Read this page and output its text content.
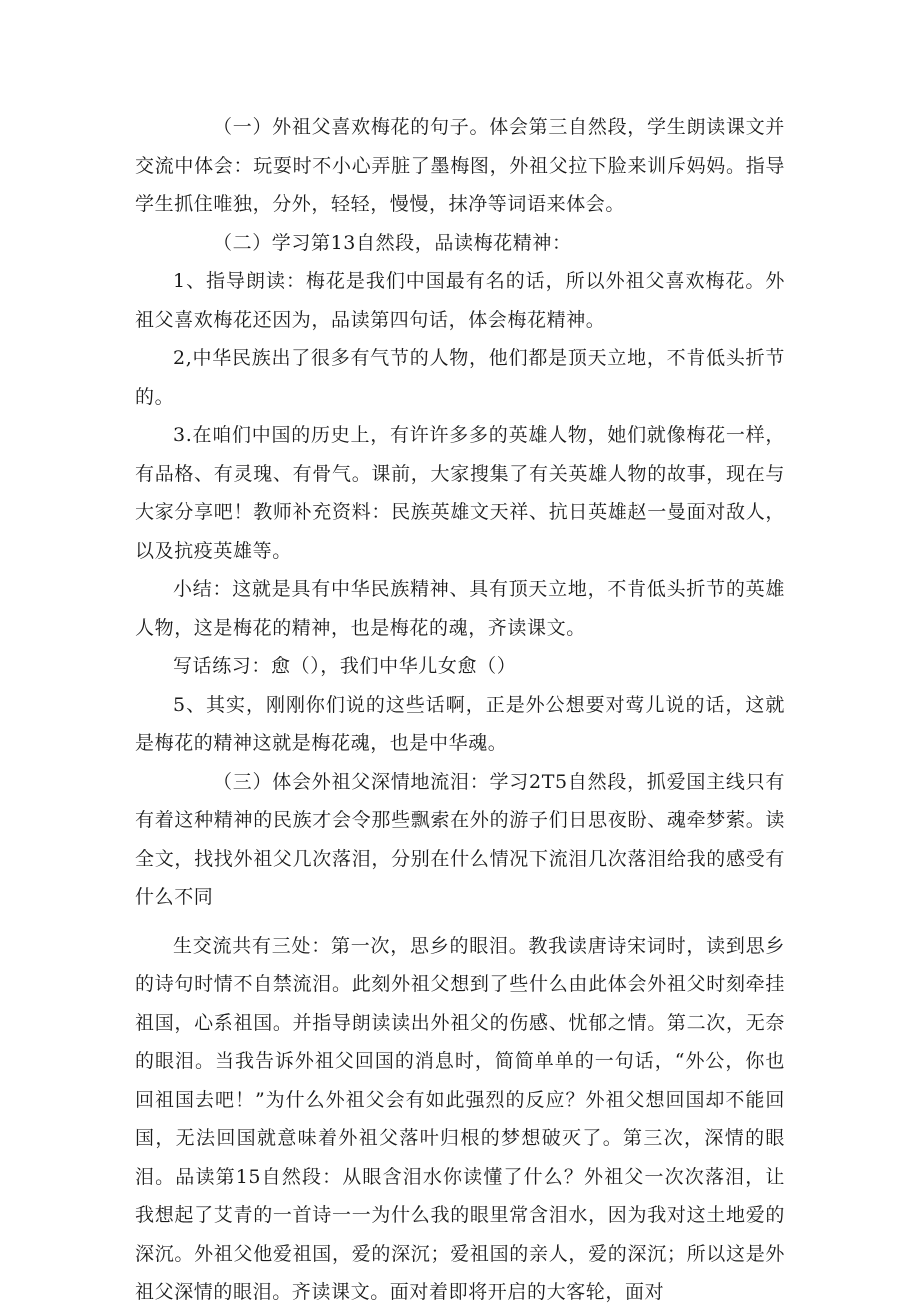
（一）外祖父喜欢梅花的句子。体会第三自然段，学生朗读课文并交流中体会：玩耍时不小心弄脏了墨梅图，外祖父拉下脸来训斥妈妈。指导学生抓住唯独，分外，轻轻，慢慢，抹净等词语来体会。

（二）学习第13自然段，品读梅花精神：

1、指导朗读：梅花是我们中国最有名的话，所以外祖父喜欢梅花。外祖父喜欢梅花还因为，品读第四句话，体会梅花精神。

2,中华民族出了很多有气节的人物，他们都是顶天立地，不肯低头折节的。

3.在咱们中国的历史上，有许许多多的英雄人物，她们就像梅花一样，有品格、有灵瑰、有骨气。课前，大家搜集了有关英雄人物的故事，现在与大家分享吧！教师补充资料：民族英雄文天祥、抗日英雄赵一曼面对敌人，以及抗疫英雄等。

小结：这就是具有中华民族精神、具有顶天立地，不肯低头折节的英雄人物，这是梅花的精神，也是梅花的魂，齐读课文。

写话练习：愈（），我们中华儿女愈（）

5、其实，刚刚你们说的这些话啊，正是外公想要对莺儿说的话，这就是梅花的精神这就是梅花魂，也是中华魂。

（三）体会外祖父深情地流泪：学习2T5自然段，抓爱国主线只有有着这种精神的民族才会令那些飘索在外的游子们日思夜盼、魂牵梦萦。读全文，找找外祖父几次落泪，分别在什么情况下流泪几次落泪给我的感受有什么不同

生交流共有三处：第一次，思乡的眼泪。教我读唐诗宋词时，读到思乡的诗句时情不自禁流泪。此刻外祖父想到了些什么由此体会外祖父时刻牵挂祖国，心系祖国。并指导朗读读出外祖父的伤感、忧郁之情。第二次，无奈的眼泪。当我告诉外祖父回国的消息时，简简单单的一句话，“外公，你也回祖国去吧！”为什么外祖父会有如此强烈的反应？外祖父想回国却不能回国，无法回国就意味着外祖父落叶归根的梦想破灭了。第三次，深情的眼泪。品读第15自然段：从眼含泪水你读懂了什么？外祖父一次次落泪，让我想起了艾青的一首诗一一为什么我的眼里常含泪水，因为我对这土地爱的深沉。外祖父他爱祖国，爱的深沉；爱祖国的亲人，爱的深沉；所以这是外祖父深情的眼泪。齐读课文。面对着即将开启的大客轮，面对
